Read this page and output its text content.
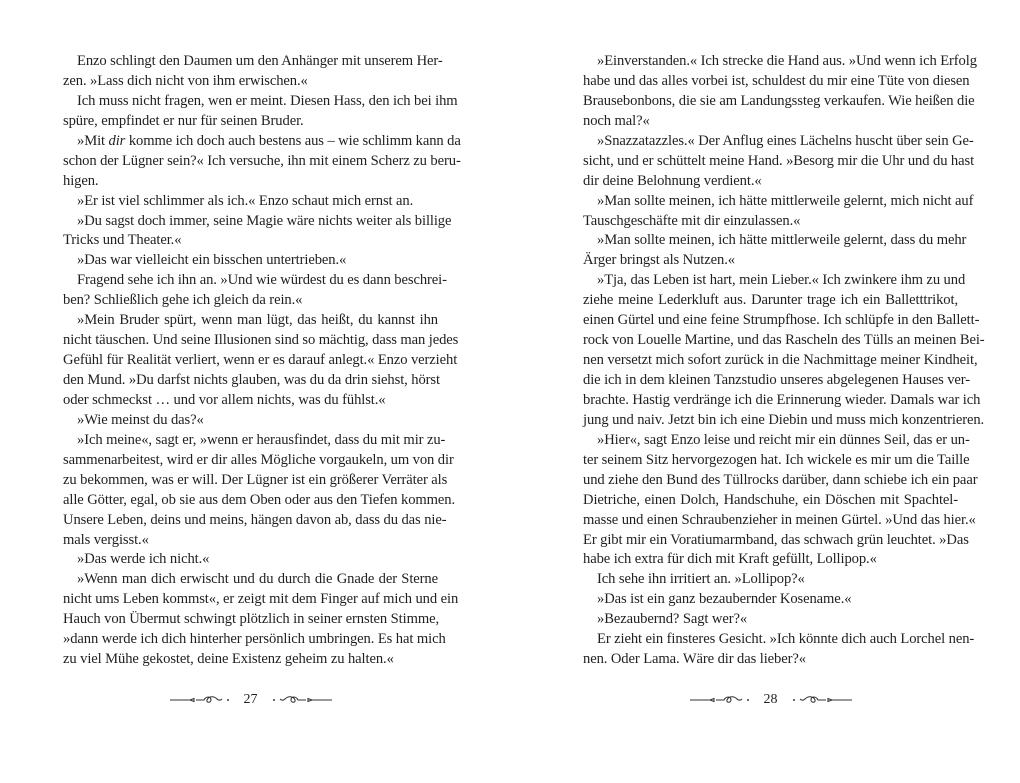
Enzo schlingt den Daumen um den Anhänger mit unserem Her-
zen. »Lass dich nicht von ihm erwischen.«
Ich muss nicht fragen, wen er meint. Diesen Hass, den ich bei ihm
spüre, empfindet er nur für seinen Bruder.
»Mit dir komme ich doch auch bestens aus – wie schlimm kann da
schon der Lügner sein?« Ich versuche, ihn mit einem Scherz zu beru-
higen.
»Er ist viel schlimmer als ich.« Enzo schaut mich ernst an.
»Du sagst doch immer, seine Magie wäre nichts weiter als billige
Tricks und Theater.«
»Das war vielleicht ein bisschen untertrieben.«
Fragend sehe ich ihn an. »Und wie würdest du es dann beschrei-
ben? Schließlich gehe ich gleich da rein.«
»Mein Bruder spürt, wenn man lügt, das heißt, du kannst ihn
nicht täuschen. Und seine Illusionen sind so mächtig, dass man jedes
Gefühl für Realität verliert, wenn er es darauf anlegt.« Enzo verzieht
den Mund. »Du darfst nichts glauben, was du da drin siehst, hörst
oder schmeckst … und vor allem nichts, was du fühlst.«
»Wie meinst du das?«
»Ich meine«, sagt er, »wenn er herausfindet, dass du mit mir zu-
sammenarbeitest, wird er dir alles Mögliche vorgaukeln, um von dir
zu bekommen, was er will. Der Lügner ist ein größerer Verräter als
alle Götter, egal, ob sie aus dem Oben oder aus den Tiefen kommen.
Unsere Leben, deins und meins, hängen davon ab, dass du das nie-
mals vergisst.«
»Das werde ich nicht.«
»Wenn man dich erwischt und du durch die Gnade der Sterne
nicht ums Leben kommst«, er zeigt mit dem Finger auf mich und ein
Hauch von Übermut schwingt plötzlich in seiner ernsten Stimme,
»dann werde ich dich hinterher persönlich umbringen. Es hat mich
zu viel Mühe gekostet, deine Existenz geheim zu halten.«
27
»Einverstanden.« Ich strecke die Hand aus. »Und wenn ich Erfolg
habe und das alles vorbei ist, schuldest du mir eine Tüte von diesen
Brausebonbons, die sie am Landungssteg verkaufen. Wie heißen die
noch mal?«
»Snazzatazzles.« Der Anflug eines Lächelns huscht über sein Ge-
sicht, und er schüttelt meine Hand. »Besorg mir die Uhr und du hast
dir deine Belohnung verdient.«
»Man sollte meinen, ich hätte mittlerweile gelernt, mich nicht auf
Tauschgeschäfte mit dir einzulassen.«
»Man sollte meinen, ich hätte mittlerweile gelernt, dass du mehr
Ärger bringst als Nutzen.«
»Tja, das Leben ist hart, mein Lieber.« Ich zwinkere ihm zu und
ziehe meine Lederkluft aus. Darunter trage ich ein Balletttrikot,
einen Gürtel und eine feine Strumpfhose. Ich schlüpfe in den Ballett-
rock von Louelle Martine, und das Rascheln des Tülls an meinen Bei-
nen versetzt mich sofort zurück in die Nachmittage meiner Kindheit,
die ich in dem kleinen Tanzstudio unseres abgelegenen Hauses ver-
brachte. Hastig verdränge ich die Erinnerung wieder. Damals war ich
jung und naiv. Jetzt bin ich eine Diebin und muss mich konzentrieren.
»Hier«, sagt Enzo leise und reicht mir ein dünnes Seil, das er un-
ter seinem Sitz hervorgezogen hat. Ich wickele es mir um die Taille
und ziehe den Bund des Tüllrocks darüber, dann schiebe ich ein paar
Dietriche, einen Dolch, Handschuhe, ein Döschen mit Spachtel-
masse und einen Schraubenzieher in meinen Gürtel. »Und das hier.«
Er gibt mir ein Voratiumarmband, das schwach grün leuchtet. »Das
habe ich extra für dich mit Kraft gefüllt, Lollipop.«
Ich sehe ihn irritiert an. »Lollipop?«
»Das ist ein ganz bezaubernder Kosename.«
»Bezaubernd? Sagt wer?«
Er zieht ein finsteres Gesicht. »Ich könnte dich auch Lorchel nen-
nen. Oder Lama. Wäre dir das lieber?«
28
